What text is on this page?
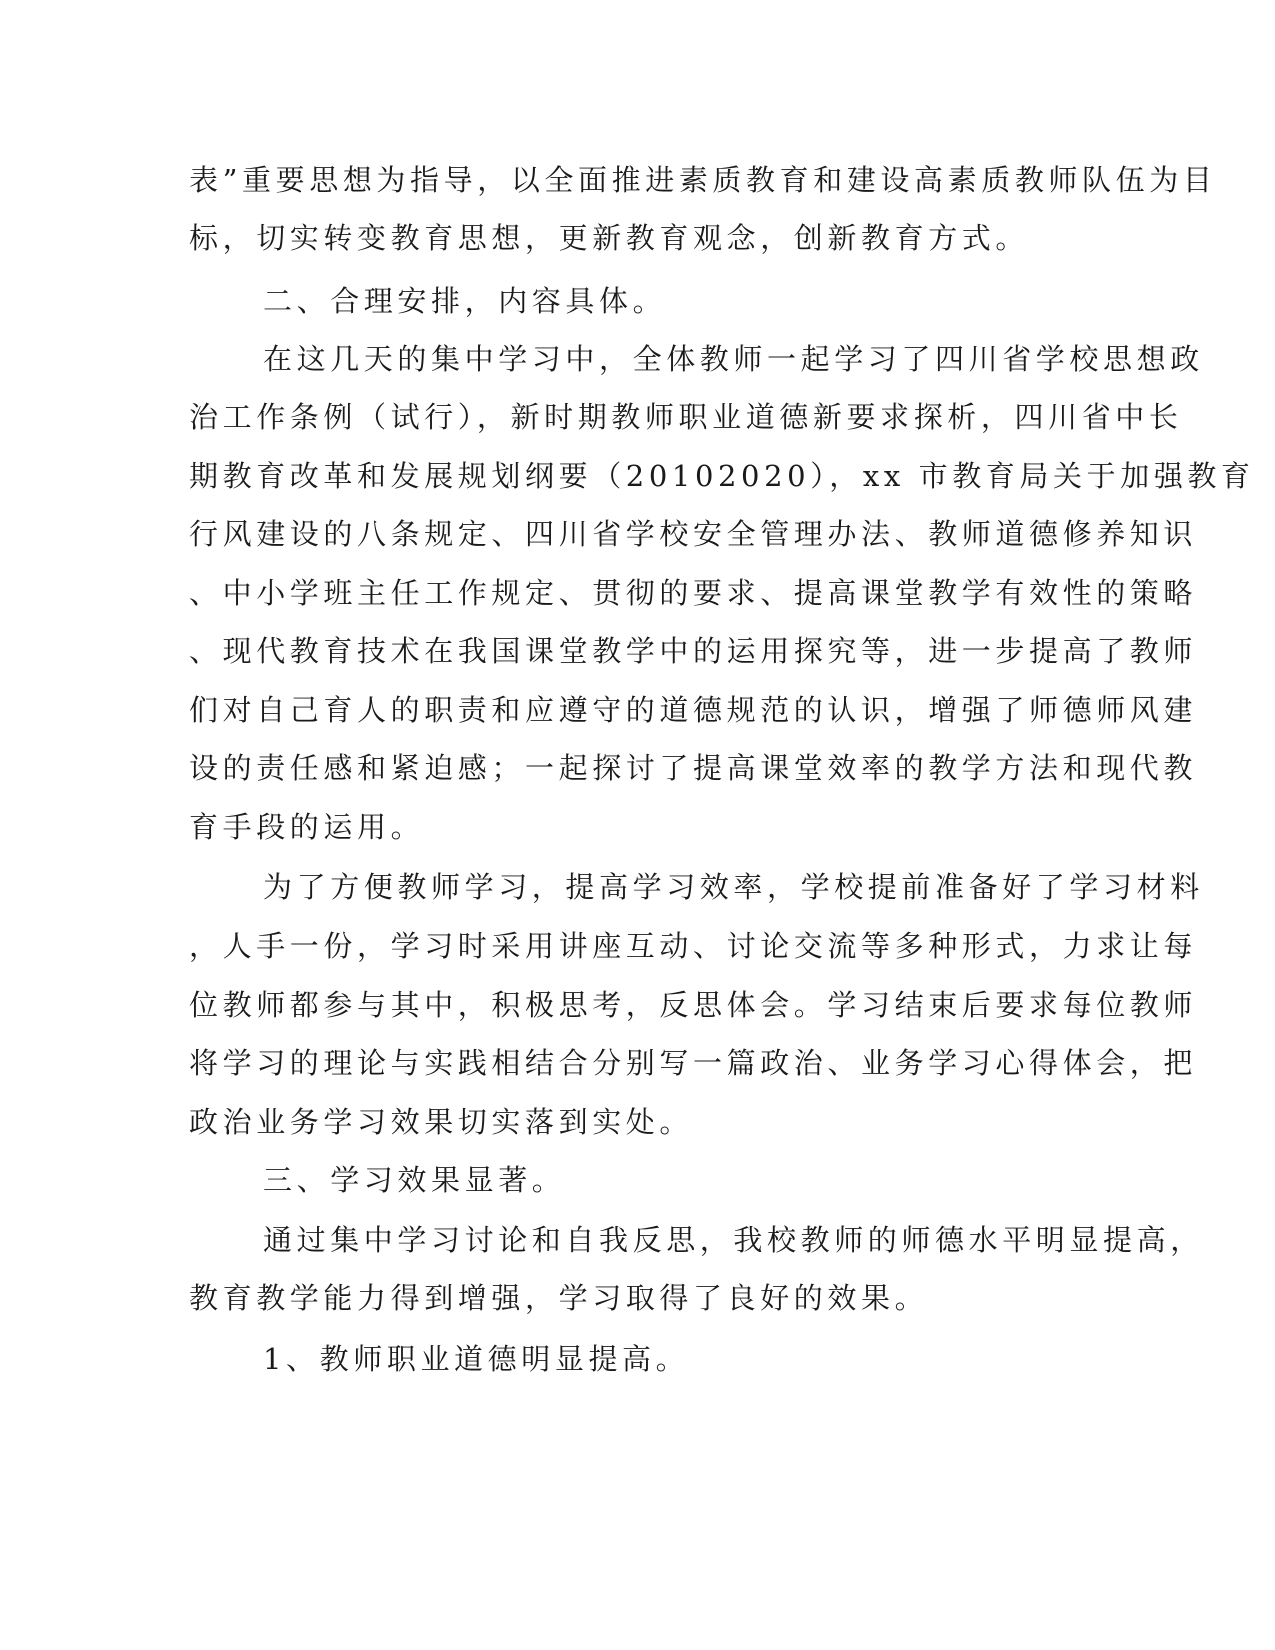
表”重要思想为指导，以全面推进素质教育和建设高素质教师队伍为目
标，切实转变教育思想，更新教育观念，创新教育方式。
二、合理安排，内容具体。
在这几天的集中学习中，全体教师一起学习了四川省学校思想政
治工作条例（试行），新时期教师职业道德新要求探析，四川省中长
期教育改革和发展规划纲要（20102020），xx 市教育局关于加强教育
行风建设的八条规定、四川省学校安全管理办法、教师道德修养知识
、中小学班主任工作规定、贯彻的要求、提高课堂教学有效性的策略
、现代教育技术在我国课堂教学中的运用探究等，进一步提高了教师
们对自己育人的职责和应遵守的道德规范的认识，增强了师德师风建
设的责任感和紧迫感；一起探讨了提高课堂效率的教学方法和现代教
育手段的运用。
为了方便教师学习，提高学习效率，学校提前准备好了学习材料
，人手一份，学习时采用讲座互动、讨论交流等多种形式，力求让每
位教师都参与其中，积极思考，反思体会。学习结束后要求每位教师
将学习的理论与实践相结合分别写一篇政治、业务学习心得体会，把
政治业务学习效果切实落到实处。
三、学习效果显著。
通过集中学习讨论和自我反思，我校教师的师德水平明显提高，
教育教学能力得到增强，学习取得了良好的效果。
1、教师职业道德明显提高。
